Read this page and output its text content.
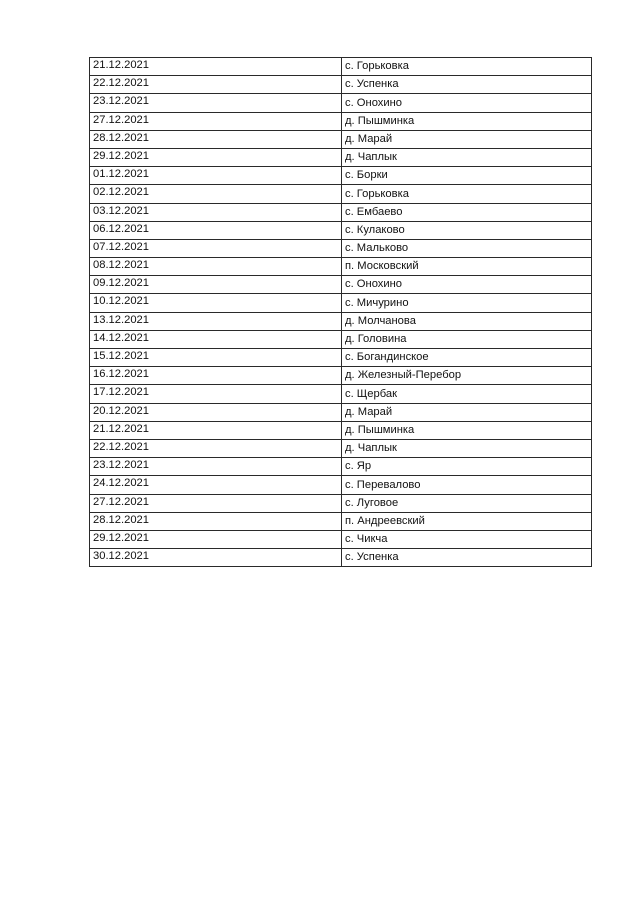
21.12.2021	с. Горьковка
22.12.2021	с. Успенка
23.12.2021	с. Онохино
27.12.2021	д. Пышминка
28.12.2021	д. Марай
29.12.2021	д. Чаплык
01.12.2021	с. Борки
02.12.2021	с. Горьковка
03.12.2021	с. Ембаево
06.12.2021	с. Кулаково
07.12.2021	с. Мальково
08.12.2021	п. Московский
09.12.2021	с. Онохино
10.12.2021	с. Мичурино
13.12.2021	д. Молчанова
14.12.2021	д. Головина
15.12.2021	с. Богандинское
16.12.2021	д. Железный-Перебор
17.12.2021	с. Щербак
20.12.2021	д. Марай
21.12.2021	д. Пышминка
22.12.2021	д. Чаплык
23.12.2021	с. Яр
24.12.2021	с. Перевалово
27.12.2021	с. Луговое
28.12.2021	п. Андреевский
29.12.2021	с. Чикча
30.12.2021	с. Успенка
